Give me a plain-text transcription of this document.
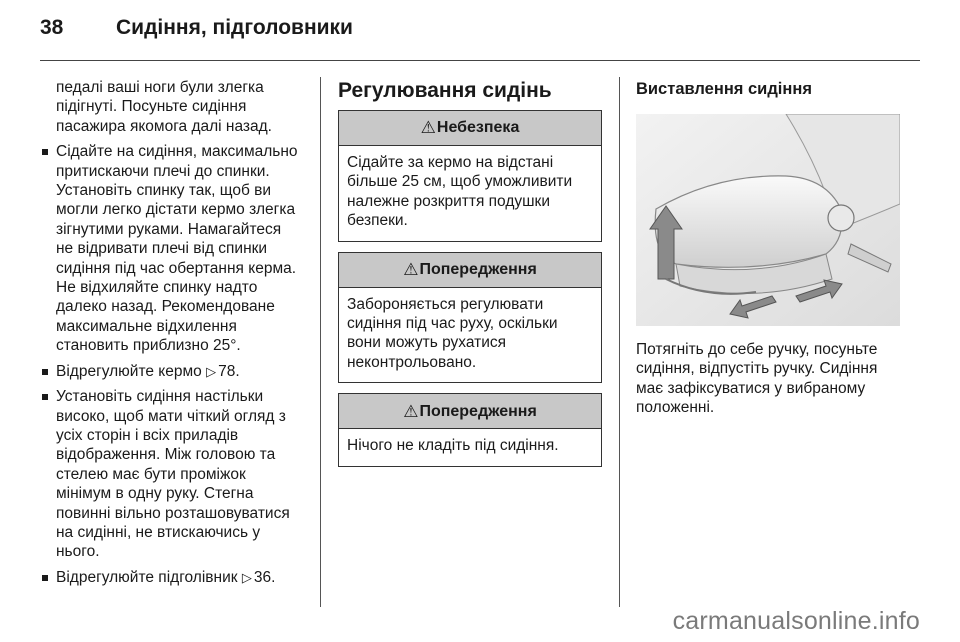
38	Сидіння, підголовники

педалі ваші ноги були злегка

підігнуті. Посуньте сидіння

пасажира якомога далі назад.

Сідайте на сидіння, максимально

притискаючи плечі до спинки.

Установіть спинку так, щоб ви

могли легко дістати кермо злегка

зігнутими руками. Намагайтеся

не відривати плечі від спинки

сидіння під час обертання керма.

Не відхиляйте спинку надто

далеко назад. Рекомендоване

максимальне відхилення

становить приблизно 25°.

Відрегулюйте кермо ▷ 78.

Установіть сидіння настільки

високо, щоб мати чіткий огляд з

усіх сторін і всіх приладів

відображення. Між головою та

стелею має бути проміжок

мінімум в одну руку. Стегна

повинні вільно розташовуватися

на сидінні, не втискаючись у

нього.

Відрегулюйте підголівник ▷ 36.

Регулювання сидінь
⚠ Небезпека

Сідайте за кермо на відстані

більше 25 см, щоб уможливити

належне розкриття подушки

безпеки.

⚠ Попередження

Забороняється регулювати

сидіння під час руху, оскільки

вони можуть рухатися

неконтрольовано.

⚠ Попередження

Нічого не кладіть під сидіння.

Виставлення сидіння

Потягніть до себе ручку, посуньте
сидіння, відпустіть ручку. Сидіння
має зафіксуватися у вибраному
положенні.

carmanualsonline.info
